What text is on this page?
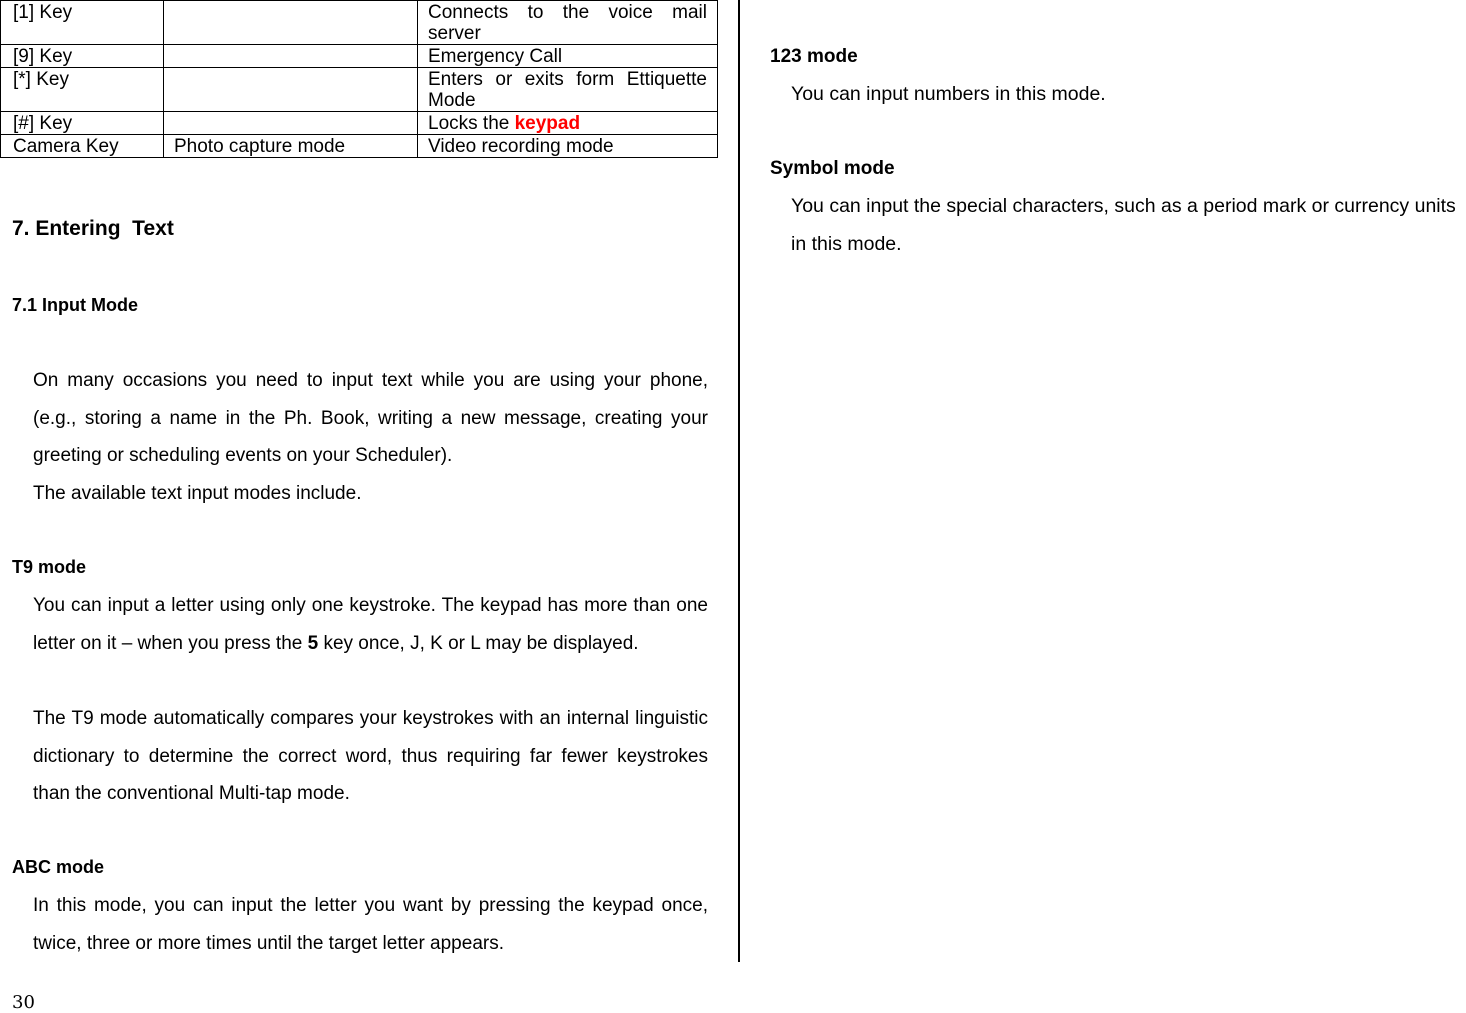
[1] Key		Connects to the voice mail server
[9] Key		Emergency Call
[*] Key		Enters or exits form Ettiquette Mode
[#] Key		Locks the keypad
Camera Key	Photo capture mode	Video recording mode
7. Entering  Text
7.1 Input Mode
On many occasions you need to input text while you are using your phone, (e.g., storing a name in the Ph. Book, writing a new message, creating your greeting or scheduling events on your Scheduler).
The available text input modes include.
T9 mode
You can input a letter using only one keystroke. The keypad has more than one letter on it – when you press the 5 key once, J, K or L may be displayed.
The T9 mode automatically compares your keystrokes with an internal linguistic dictionary to determine the correct word, thus requiring far fewer keystrokes than the conventional Multi-tap mode.
ABC mode
In this mode, you can input the letter you want by pressing the keypad once, twice, three or more times until the target letter appears.
123 mode
You can input numbers in this mode.
Symbol mode
You can input the special characters, such as a period mark or currency units in this mode.
30
